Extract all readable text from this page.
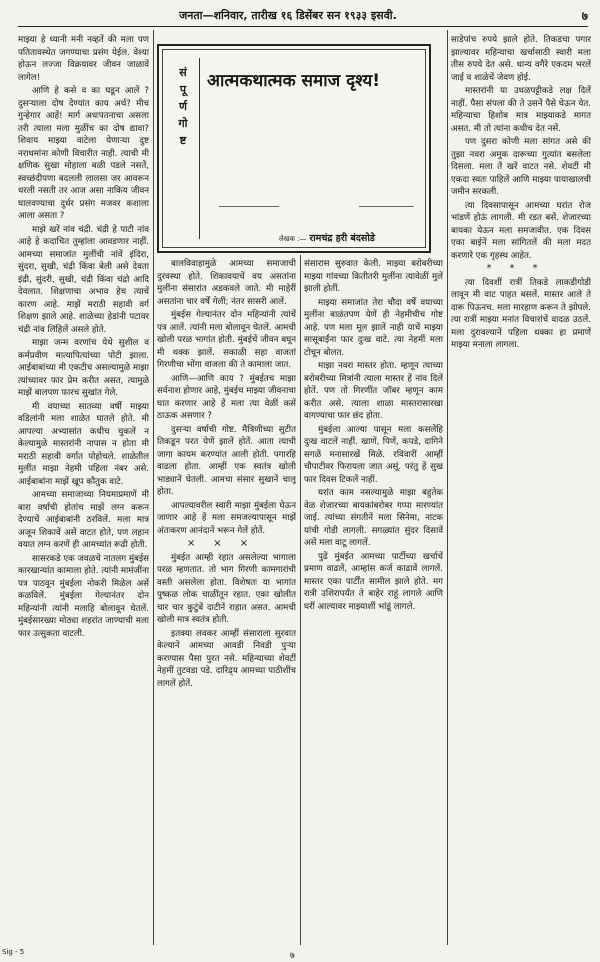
जनता—शनिवार, तारीख १६ डिसेंबर सन १९३३ इसवी.	७

माझ्या हे ध्यानी मनी नव्हतें की मला पण पतितावस्थेत जगण्याचा प्रसंग येईल. वेश्या होऊन लज्जा विक्रयावर जीवन जाळावें लागेल!

आणि हे कसे व का घडून आलें ? दुसऱ्याला दोष देण्यांत काय अर्थ? मीच गुन्हेगार आहें! मार्ग अधःपतनाचा असला तरी त्याला मला मुळींच का दोष द्यावा? शिवाय माझ्या वाटेला येणाऱ्या दुष्ट नराधमांना कोणी विचारीत नाही. त्याची मी क्षणिक सुखा मोहाला बळी पडले नसतें, स्वच्छंदीपणा बदलली लालसा जर आवरून धरली नसती तर आज असा नाकिय जीवन घालवण्याचा दुर्धर प्रसंग मजवर कशाला आला असता ?

माझे खरें नांव चंद्री. चंद्री हे पाटी नांव आहे हे कदाचित तुम्हांला आवडणार नाहीं. आमच्या समाजांत मुलींची नांवें इंदिरा, सुंदरा, सुखी, चंद्री किंवा बेली असे देवता इंद्री, सुंदरी, सुखी, चंद्री किंवा चंद्रो आदि देवलात. शिक्षणाचा अभाव हेच त्याचें कारण आहे. माझें मराठी सहावी वर्ग शिक्षण झाले आहे. शाळेच्या हेडांनी पटावर चंद्री नांव लिहिलें असले होते.

माझा जन्म वरणांच येथे सुशील व कर्मप्रवीण मात्यापित्यांच्या पोटी झाला. आईबाबांच्या मी एकटीच असल्यामुळे माझा त्यांच्यावर फार प्रेम करीत असत, त्यामुळे माझें बालपण फारच सुखांत गेले.

मी वयाच्या सातव्या वर्षी माझ्या वडिलांनी मला शाळेत घातले होते. मी आपल्या अभ्यासांत कधीच चुकलें न केल्यामुळे मास्तरांनी नापास न होता मी मराठी सहावी वर्गात पोहोचले. शाळेतील मुलींत माझा नेहमी पहिला नंबर असे. आईबाबांना माझें खूप कौतुक वाटे.

आमच्या समाजाच्या नियमाप्रमाणें मी बारा वर्षांची होतांच माझें लग्न करून देण्याचें आईबाबांनी ठरविलें. मला मात्र अजून शिकावें असें वाटत होते, पण लहान वयात लग्न करणें ही आमच्यांत रूढी होती.

सासरकडे एक जवळचे नातलग मुंबईस कारखान्यांत कामाला होते. त्यांनी मामंजींना पत्र पाठवून मुंबईला नोकरी मिळेल असें कळविलें. मुंबईला गेल्यानंतर दोन महिन्यांनी त्यांनी मलाहि बोलावून घेतलें. मुंबईसारख्या मोठ्या शहरांत जाण्याची मला फार उत्सुकता वाटली.

सं
पू
र्ण
गो
ष्ट
आत्मकथात्मक समाज दृश्य!
लेखक :— रामचंद्र हरी बंदसोडे

बालविवाहामुळे आमच्या समाजाची दुरवस्था होते. शिकावयाचें वय असतांना मुलींना संसारांत अडकवले जाते. मी माहेरीं असतांना चार वर्षें गेलीं; नंतर सासरी आलें.

मुंबईस गेल्यानंतर दोन महिन्यांनी त्यांचें पत्र आलें. त्यांनी मला बोलावून घेतलें. आमची खोली परळ भागांत होती. मुंबईचें जीवन बघून मी थक्क झालें. सकाळी सहा वाजतां गिरणीचा भोंगा वाजला की ते कामाला जात.

आणि—आणि काय ? मुंबईतच माझा सर्वनाश होणार आहे, मुंबईच माझ्या जीवनाचा घात करणार आहे हें मला त्या वेळीं कसें ठाऊक असणार ?

दुसऱ्या वर्षाची गोष्ट. मैत्रिणीच्या सुटीत तिकडून परत येणें झालें होतें. आता त्याची जागा कायम करण्यांत आली होती. पगारहि वाढला होता. आम्हीं एक स्वतंत्र खोली भाड्यानें घेतली. आमचा संसार सुखानें चालू होता.

आपल्यावरील स्वारी माझा मुंबईला घेऊन जाणार आहे हें मला समजल्यापासून माझें अंतःकरण आनंदानें भरून गेलें होतें.

×××

मुंबईत आम्ही रहात असलेल्या भागाला परळ म्हणतात. तो भाग गिरणी कामगारांची वस्ती असलेला होता. विशेषतः या भागांत पुष्कळ लोक चाळींतून रहात. एका खोलीत चार चार कुटुंबें दाटीनें राहात असत. आमची खोली मात्र स्वतंत्र होती.

इतक्या लवकर आम्हीं संसाराला सुरवात केल्यानें आमच्या आवडी निवडी पुऱ्या करण्यास पैसा पुरत नसे. महिन्याच्या शेवटीं नेहमीं तुटवडा पडे. दारिद्र्य आमच्या पाठीशींच लागलें होतें.

संसारास सुरुवात केली. माझ्या बरोबरीच्या माझ्या गांवच्या कितीतरी मुलींना त्यावेळीं मुलें झाली होतीं.

माझ्या समाजांत तेरा चौदा वर्षें वयाच्या मुलींना बाळंतपण येणें ही नेहमीचीच गोष्ट आहे. पण मला मूल झालें नाही याचें माझ्या सासूबाईंना फार दुःख वाटे. त्या नेहमीं मला टोचून बोलत.

माझा नवरा मास्तर होता. म्हणून त्याच्या बरोबरीच्या मित्रांनी त्याला मास्तर हें नांव दिलें होतें. पण तो गिरणींत जॉबर म्हणून काम करीत असे. त्याला शाळा मास्तरासारखा वागण्याचा फार छंद होता.

मुंबईला आल्या पासून मला कसलेंहि दुःख वाटलें नाहीं. खाणें, पिणें, कपडे, दागिने सगळें मनासारखें मिळे. रविवारीं आम्हीं चौपाटीवर फिरायला जात असूं. परंतु हें सुख फार दिवस टिकलें नाहीं.

घरांत काम नसल्यामुळे माझा बहुतेक वेळ शेजारच्या बायकांबरोबर गप्पा मारण्यांत जाई. त्यांच्या संगतीनें मला सिनेमा, नाटक यांची गोडी लागली. सगळ्यांत सुंदर दिसावें असें मला वाटू लागलें.

पुढें मुंबईत आमच्या पार्टीच्या खर्चाचें प्रमाण वाढलें, आम्हांस कर्ज काढावें लागलें. मास्तर एका पार्टींत सामील झाले होते. मग रात्री उशिरापर्यंत ते बाहेर राहूं लागले आणि घरीं आल्यावर माझ्याशीं भांडूं लागले.

साडेपांच रुपये झाले होते. तिकडचा पगार झाल्यावर महिन्याचा खर्चासाठी स्वारी मला तीस रुपये देत असे. धान्य वगैरे एकदम भरलें जाई व शाळेचें जेवण होई.

मास्तरांनी या उधळपट्टीकडे लक्ष दिलें नाहीं. पैसा संपला की ते उसनें पैसे घेऊन येत. महिन्याचा हिशोब मात्र माझ्याकडे मागत असत. मी तो त्यांना कधीच देत नसें.

पण दुसरा कोणी मला सांगत असे की तुझा नवरा अमुक दारूच्या गुत्यांत बसलेला दिसला. मला तें खरें वाटत नसे. शेवटीं मी एकदा स्वतः पाहिलें आणि माझ्या पायाखालची जमीन सरकली.

त्या दिवसापासून आमच्या घरांत रोज भांडणें होऊं लागली. मी रडत बसें. शेजारच्या बायका येऊन मला समजावीत. एक दिवस एका बाईनें मला सांगितलें की मला मदत करणारे एक गृहस्थ आहेत.

***

त्या दिवशीं रात्रीं तिकडे लाकडीगोडी लावून मी वाट पाहत बसलें. मास्तर आले ते दारू पिऊनच. मला मारहाण करून ते झोपले. त्या रात्रीं माझ्या मनांत विचारांचें वादळ उठलें. मला दुरावल्यानें पहिला धक्का हा प्रमाणें माझ्या मनाला लागला.

Sig - 5	७
